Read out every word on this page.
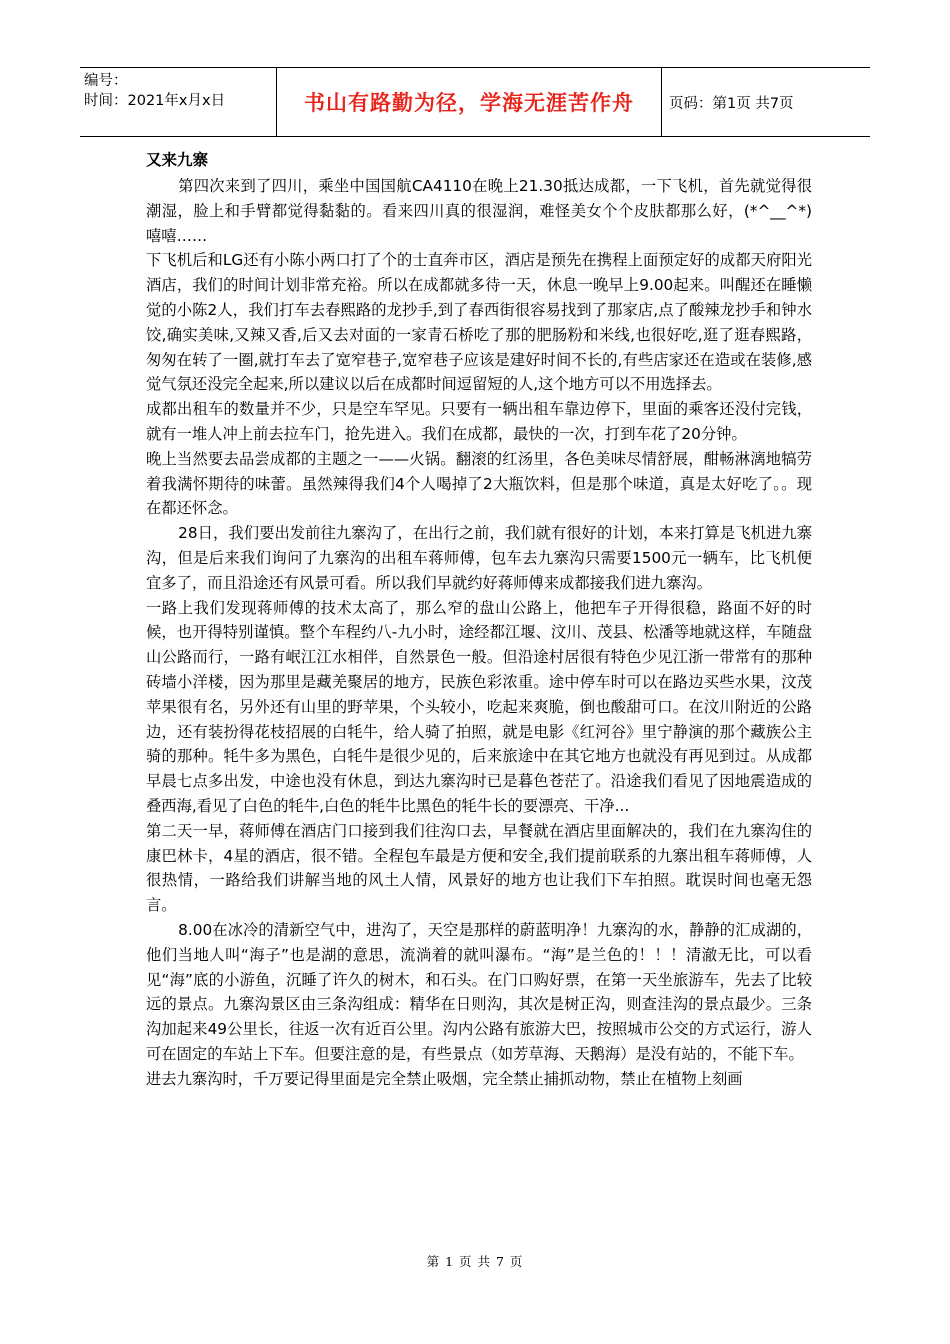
编号：
时间：2021年x月x日	书山有路勤为径，学海无涯苦作舟	页码：第1页 共7页
又来九寨

第四次来到了四川，乘坐中国国航CA4110在晚上21.30抵达成都，一下飞机，首先就觉得很潮湿，脸上和手臂都觉得黏黏的。看来四川真的很湿润，难怪美女个个皮肤都那么好，(*^__^*) 嘻嘻……

下飞机后和LG还有小陈小两口打了个的士直奔市区，酒店是预先在携程上面预定好的成都天府阳光酒店，我们的时间计划非常充裕。所以在成都就多待一天，休息一晚早上9.00起来。叫醒还在睡懒觉的小陈2人，我们打车去春熙路的龙抄手,到了春西街很容易找到了那家店,点了酸辣龙抄手和钟水饺,确实美味,又辣又香,后又去对面的一家青石桥吃了那的肥肠粉和米线,也很好吃,逛了逛春熙路，匆匆在转了一圈,就打车去了宽窄巷子,宽窄巷子应该是建好时间不长的,有些店家还在造或在装修,感觉气氛还没完全起来,所以建议以后在成都时间逗留短的人,这个地方可以不用选择去。

成都出租车的数量并不少，只是空车罕见。只要有一辆出租车靠边停下，里面的乘客还没付完钱，就有一堆人冲上前去拉车门，抢先进入。我们在成都，最快的一次，打到车花了20分钟。

晚上当然要去品尝成都的主题之一——火锅。翻滚的红汤里，各色美味尽情舒展，酣畅淋漓地犒劳着我满怀期待的味蕾。虽然辣得我们4个人喝掉了2大瓶饮料，但是那个味道，真是太好吃了。。现在都还怀念。

28日，我们要出发前往九寨沟了，在出行之前，我们就有很好的计划，本来打算是飞机进九寨沟，但是后来我们询问了九寨沟的出租车蒋师傅，包车去九寨沟只需要1500元一辆车，比飞机便宜多了，而且沿途还有风景可看。所以我们早就约好蒋师傅来成都接我们进九寨沟。

一路上我们发现蒋师傅的技术太高了，那么窄的盘山公路上，他把车子开得很稳，路面不好的时候，也开得特别谨慎。整个车程约八-九小时，途经都江堰、汶川、茂县、松潘等地就这样，车随盘山公路而行，一路有岷江江水相伴，自然景色一般。但沿途村居很有特色少见江浙一带常有的那种砖墙小洋楼，因为那里是藏羌聚居的地方，民族色彩浓重。途中停车时可以在路边买些水果，汶茂苹果很有名，另外还有山里的野苹果，个头较小，吃起来爽脆，倒也酸甜可口。在汶川附近的公路边，还有装扮得花枝招展的白牦牛，给人骑了拍照，就是电影《红河谷》里宁静演的那个藏族公主骑的那种。牦牛多为黑色，白牦牛是很少见的，后来旅途中在其它地方也就没有再见到过。从成都早晨七点多出发，中途也没有休息，到达九寨沟时已是暮色苍茫了。沿途我们看见了因地震造成的叠西海,看见了白色的牦牛,白色的牦牛比黑色的牦牛长的要漂亮、干净...

第二天一早，蒋师傅在酒店门口接到我们往沟口去，早餐就在酒店里面解决的，我们在九寨沟住的康巴林卡，4星的酒店，很不错。全程包车最是方便和安全,我们提前联系的九寨出租车蒋师傅，人很热情，一路给我们讲解当地的风土人情，风景好的地方也让我们下车拍照。耽误时间也毫无怨言。

8.00在冰冷的清新空气中，进沟了，天空是那样的蔚蓝明净！九寨沟的水，静静的汇成湖的，他们当地人叫“海子”也是湖的意思，流淌着的就叫瀑布。“海”是兰色的！！！清澈无比，可以看见“海”底的小游鱼，沉睡了许久的树木，和石头。在门口购好票，在第一天坐旅游车，先去了比较远的景点。九寨沟景区由三条沟组成：精华在日则沟，其次是树正沟，则查洼沟的景点最少。三条沟加起来49公里长，往返一次有近百公里。沟内公路有旅游大巴，按照城市公交的方式运行，游人可在固定的车站上下车。但要注意的是，有些景点（如芳草海、天鹅海）是没有站的，不能下车。

进去九寨沟时，千万要记得里面是完全禁止吸烟，完全禁止捕抓动物，禁止在植物上刻画

第 1 页 共 7 页
